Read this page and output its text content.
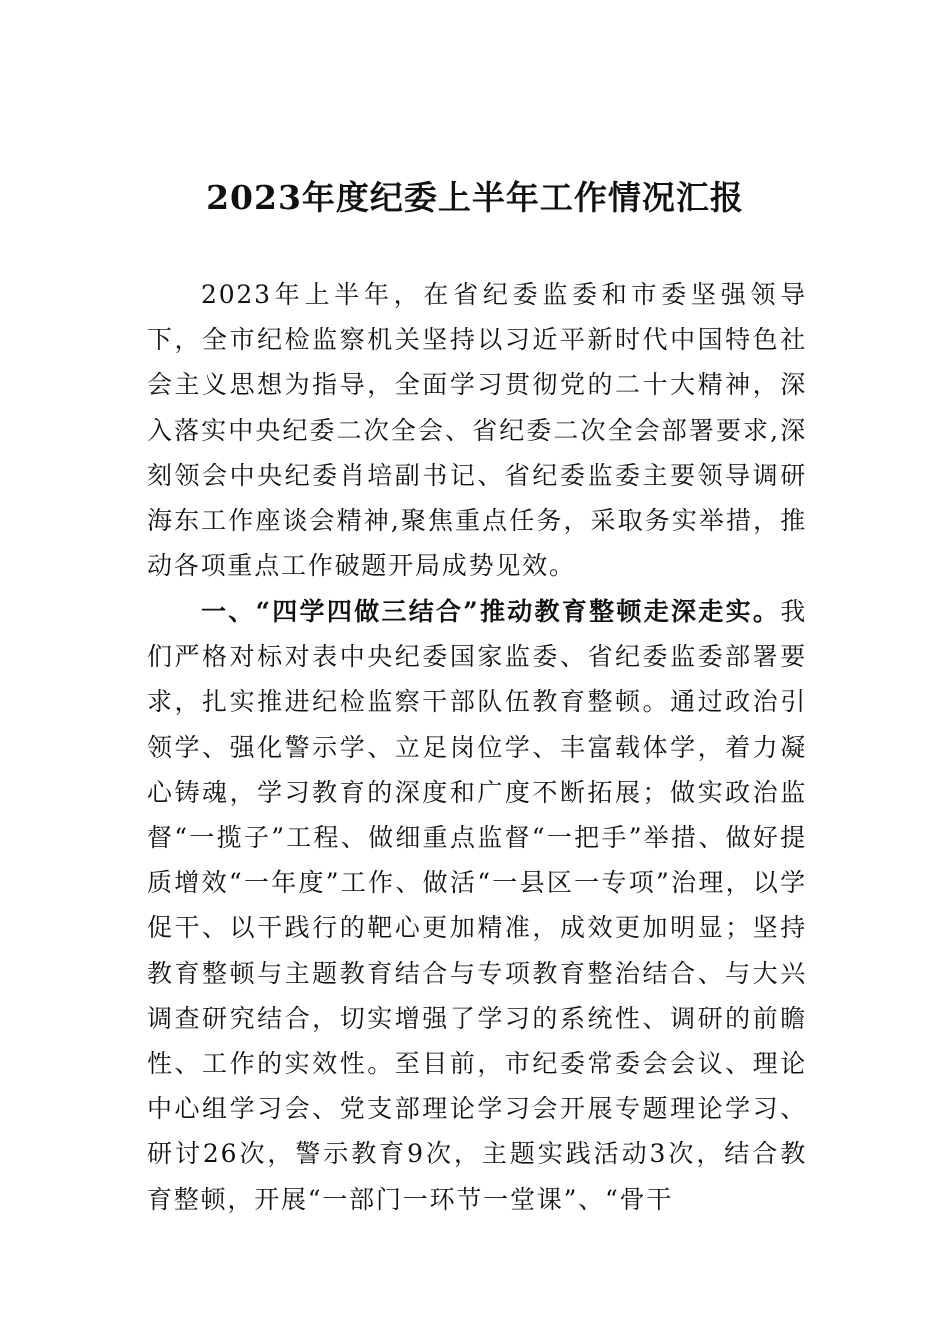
2023年度纪委上半年工作情况汇报

2023年上半年，在省纪委监委和市委坚强领导下，全市纪检监察机关坚持以习近平新时代中国特色社会主义思想为指导，全面学习贯彻党的二十大精神，深入落实中央纪委二次全会、省纪委二次全会部署要求,深刻领会中央纪委肖培副书记、省纪委监委主要领导调研海东工作座谈会精神,聚焦重点任务，采取务实举措，推动各项重点工作破题开局成势见效。

一、“四学四做三结合”推动教育整顿走深走实。我们严格对标对表中央纪委国家监委、省纪委监委部署要求，扎实推进纪检监察干部队伍教育整顿。通过政治引领学、强化警示学、立足岗位学、丰富载体学，着力凝心铸魂，学习教育的深度和广度不断拓展；做实政治监督“一揽子”工程、做细重点监督“一把手”举措、做好提质增效“一年度”工作、做活“一县区一专项”治理，以学促干、以干践行的靶心更加精准，成效更加明显；坚持教育整顿与主题教育结合与专项教育整治结合、与大兴调查研究结合，切实增强了学习的系统性、调研的前瞻性、工作的实效性。至目前，市纪委常委会会议、理论中心组学习会、党支部理论学习会开展专题理论学习、研讨26次，警示教育9次，主题实践活动3次，结合教育整顿，开展“一部门一环节一堂课”、“骨干
